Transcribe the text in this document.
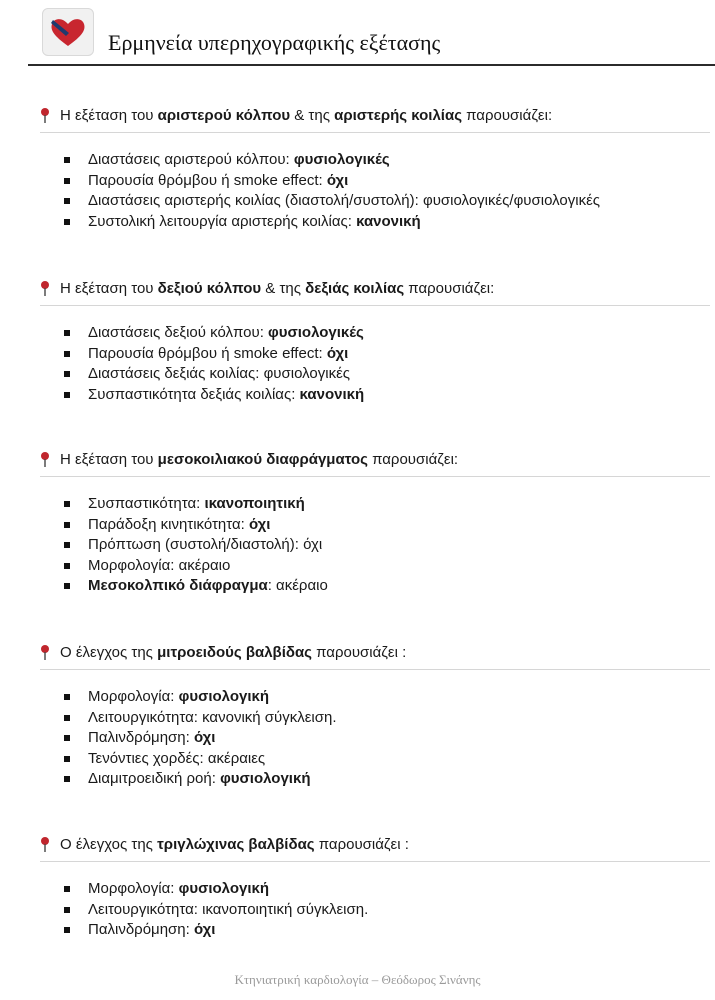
Ερμηνεία υπερηχογραφικής εξέτασης
Η εξέταση του αριστερού κόλπου & της αριστερής κοιλίας παρουσιάζει:
Διαστάσεις αριστερού κόλπου: φυσιολογικές
Παρουσία θρόμβου ή smoke effect: όχι
Διαστάσεις αριστερής κοιλίας (διαστολή/συστολή): φυσιολογικές/φυσιολογικές
Συστολική λειτουργία αριστερής κοιλίας: κανονική
Η εξέταση του δεξιού κόλπου & της δεξιάς κοιλίας παρουσιάζει:
Διαστάσεις δεξιού κόλπου: φυσιολογικές
Παρουσία θρόμβου ή smoke effect: όχι
Διαστάσεις δεξιάς κοιλίας: φυσιολογικές
Συσπαστικότητα δεξιάς κοιλίας: κανονική
Η εξέταση του μεσοκοιλιακού διαφράγματος παρουσιάζει:
Συσπαστικότητα: ικανοποιητική
Παράδοξη κινητικότητα: όχι
Πρόπτωση (συστολή/διαστολή): όχι
Μορφολογία: ακέραιο
Μεσοκολπικό διάφραγμα: ακέραιο
Ο έλεγχος της μιτροειδούς βαλβίδας παρουσιάζει :
Μορφολογία: φυσιολογική
Λειτουργικότητα: κανονική σύγκλειση.
Παλινδρόμηση: όχι
Τενόντιες χορδές: ακέραιες
Διαμιτροειδική ροή: φυσιολογική
Ο έλεγχος της τριγλώχινας βαλβίδας παρουσιάζει :
Μορφολογία: φυσιολογική
Λειτουργικότητα: ικανοποιητική σύγκλειση.
Παλινδρόμηση: όχι
Κτηνιατρική καρδιολογία – Θεόδωρος Σινάνης
